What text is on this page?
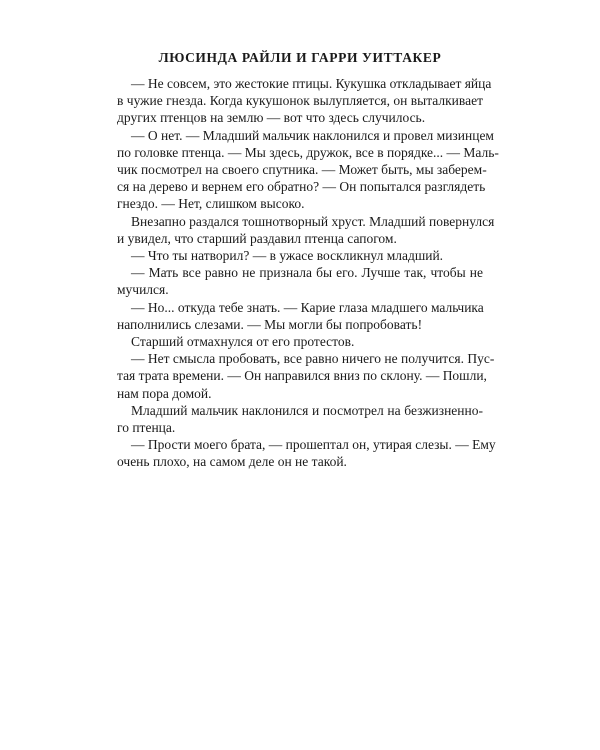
ЛЮСИНДА РАЙЛИ И ГАРРИ УИТТАКЕР

— Не совсем, это жестокие птицы. Кукушка откладывает яйца
в чужие гнезда. Когда кукушонок вылупляется, он выталкивает
других птенцов на землю — вот что здесь случилось.

— О нет. — Младший мальчик наклонился и провел мизинцем
по головке птенца. — Мы здесь, дружок, все в порядке... — Маль-
чик посмотрел на своего спутника. — Может быть, мы заберем-
ся на дерево и вернем его обратно? — Он попытался разглядеть
гнездо. — Нет, слишком высоко.

Внезапно раздался тошнотворный хруст. Младший повернулся
и увидел, что старший раздавил птенца сапогом.

— Что ты натворил? — в ужасе воскликнул младший.

— Мать все равно не признала бы его. Лучше так, чтобы не
мучился.

— Но... откуда тебе знать. — Карие глаза младшего мальчика
наполнились слезами. — Мы могли бы попробовать!

Старший отмахнулся от его протестов.

— Нет смысла пробовать, все равно ничего не получится. Пус-
тая трата времени. — Он направился вниз по склону. — Пошли,
нам пора домой.

Младший мальчик наклонился и посмотрел на безжизненно-
го птенца.

— Прости моего брата, — прошептал он, утирая слезы. — Ему
очень плохо, на самом деле он не такой.
